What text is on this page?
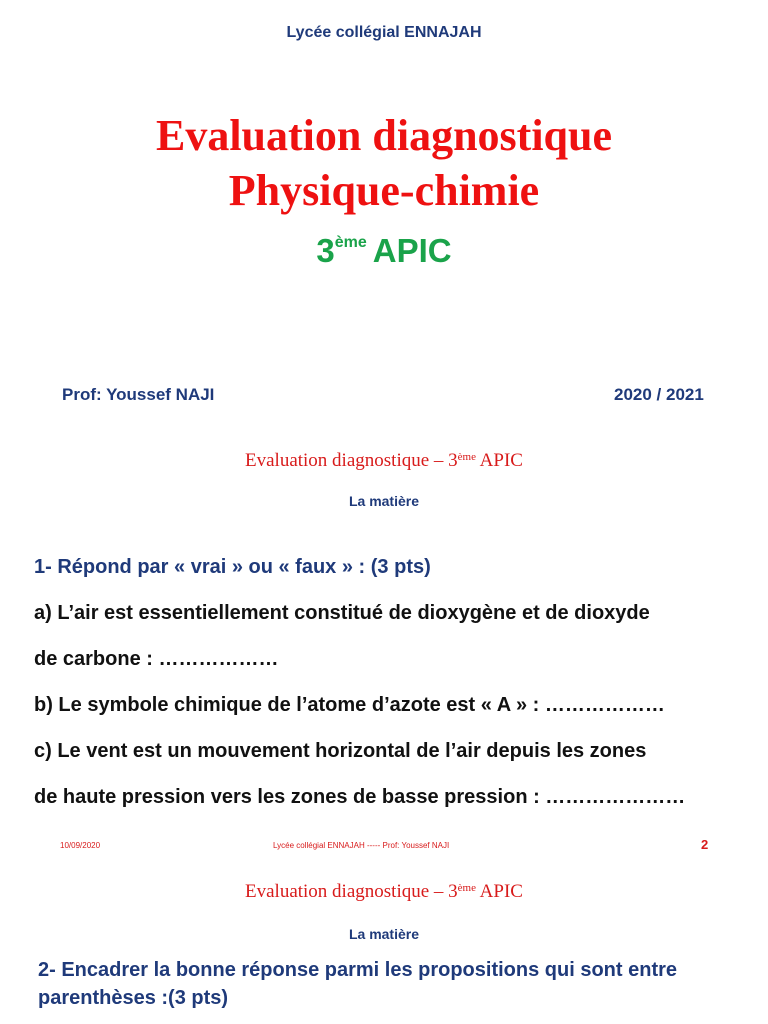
Lycée collégial ENNAJAH
Evaluation diagnostique
Physique-chimie
3ème APIC
Prof: Youssef NAJI	2020 / 2021
Evaluation diagnostique – 3ème APIC
La matière
1- Répond par « vrai » ou « faux » : (3 pts)
a) L’air est essentiellement constitué de dioxygène et de dioxyde
de carbone : ………………
b) Le symbole chimique de l’atome d’azote est « A » : ………………
c) Le vent est un mouvement horizontal de l’air depuis les zones
de haute pression vers les zones de basse pression : …………………
10/09/2020	Lycée collégial ENNAJAH ----- Prof: Youssef NAJI	2
Evaluation diagnostique – 3ème APIC
La matière
2- Encadrer la bonne réponse parmi les propositions qui sont entre parenthèses :(3 pts)
